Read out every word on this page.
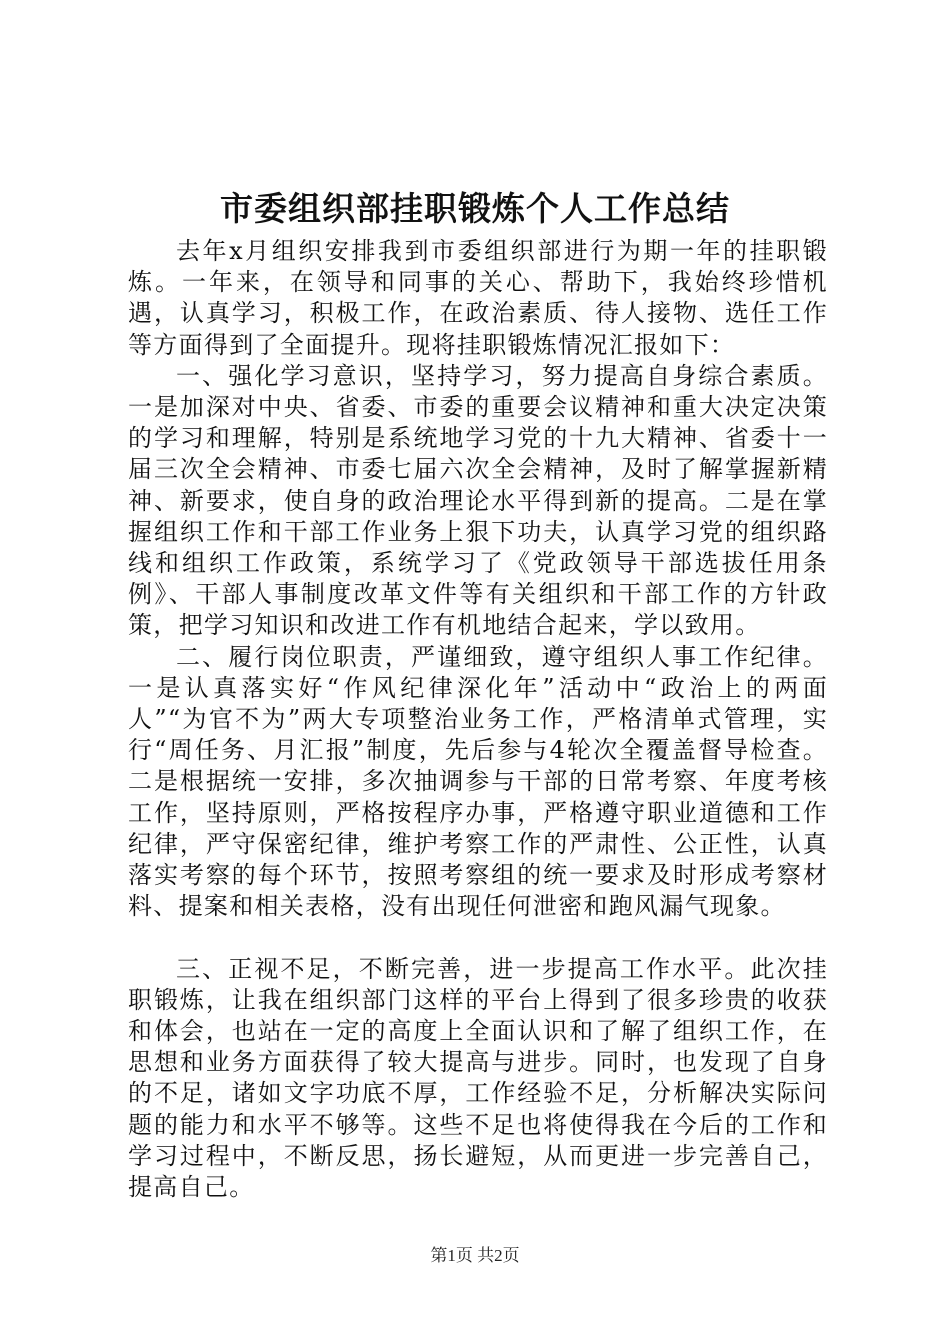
市委组织部挂职锻炼个人工作总结

去年x月组织安排我到市委组织部进行为期一年的挂职锻炼。一年来，在领导和同事的关心、帮助下，我始终珍惜机遇，认真学习，积极工作，在政治素质、待人接物、选任工作等方面得到了全面提升。现将挂职锻炼情况汇报如下：

一、强化学习意识，坚持学习，努力提高自身综合素质。一是加深对中央、省委、市委的重要会议精神和重大决定决策的学习和理解，特别是系统地学习党的十九大精神、省委十一届三次全会精神、市委七届六次全会精神，及时了解掌握新精神、新要求，使自身的政治理论水平得到新的提高。二是在掌握组织工作和干部工作业务上狠下功夫，认真学习党的组织路线和组织工作政策，系统学习了《党政领导干部选拔任用条例》、干部人事制度改革文件等有关组织和干部工作的方针政策，把学习知识和改进工作有机地结合起来，学以致用。

二、履行岗位职责，严谨细致，遵守组织人事工作纪律。一是认真落实好“作风纪律深化年”活动中“政治上的两面人”“为官不为”两大专项整治业务工作，严格清单式管理，实行“周任务、月汇报”制度，先后参与4轮次全覆盖督导检查。二是根据统一安排，多次抽调参与干部的日常考察、年度考核工作，坚持原则，严格按程序办事，严格遵守职业道德和工作纪律，严守保密纪律，维护考察工作的严肃性、公正性，认真落实考察的每个环节，按照考察组的统一要求及时形成考察材料、提案和相关表格，没有出现任何泄密和跑风漏气现象。

三、正视不足，不断完善，进一步提高工作水平。此次挂职锻炼，让我在组织部门这样的平台上得到了很多珍贵的收获和体会，也站在一定的高度上全面认识和了解了组织工作，在思想和业务方面获得了较大提高与进步。同时，也发现了自身的不足，诸如文字功底不厚，工作经验不足，分析解决实际问题的能力和水平不够等。这些不足也将使得我在今后的工作和学习过程中，不断反思，扬长避短，从而更进一步完善自己，提高自己。

第1页 共2页
